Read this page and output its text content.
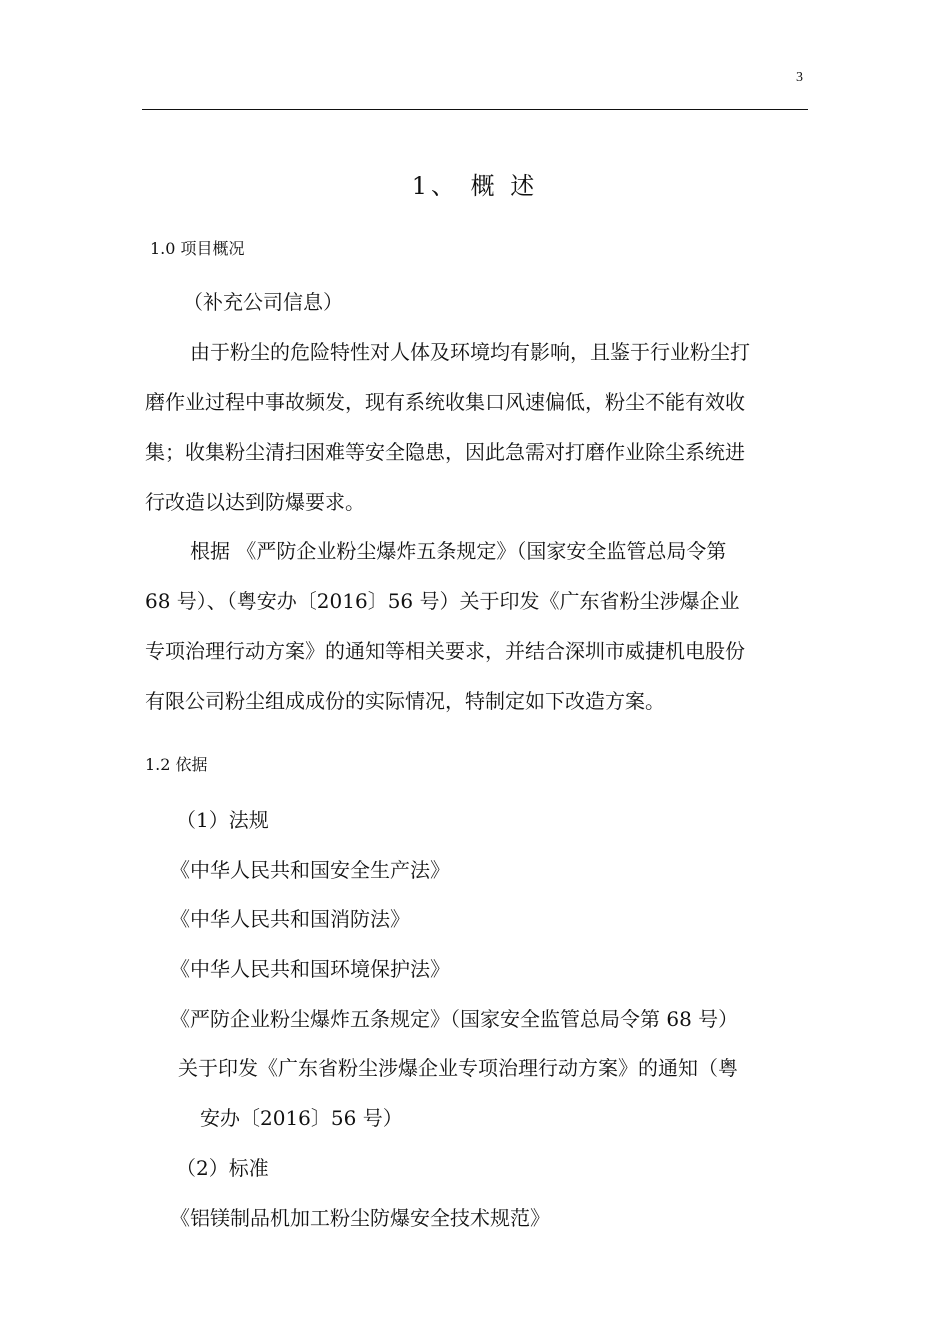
3
1、 概 述
1.0 项目概况
（补充公司信息）
由于粉尘的危险特性对人体及环境均有影响，且鉴于行业粉尘打
磨作业过程中事故频发，现有系统收集口风速偏低，粉尘不能有效收
集；收集粉尘清扫困难等安全隐患，因此急需对打磨作业除尘系统进
行改造以达到防爆要求。
根据 《严防企业粉尘爆炸五条规定》（国家安全监管总局令第
68 号）、（粤安办〔2016〕56 号）关于印发《广东省粉尘涉爆企业
专项治理行动方案》的通知等相关要求，并结合深圳市威捷机电股份
有限公司粉尘组成成份的实际情况，特制定如下改造方案。
1.2 依据
（1）法规
《中华人民共和国安全生产法》
《中华人民共和国消防法》
《中华人民共和国环境保护法》
《严防企业粉尘爆炸五条规定》（国家安全监管总局令第 68 号）
关于印发《广东省粉尘涉爆企业专项治理行动方案》的通知（粤
安办〔2016〕56 号）
（2）标准
《铝镁制品机加工粉尘防爆安全技术规范》
